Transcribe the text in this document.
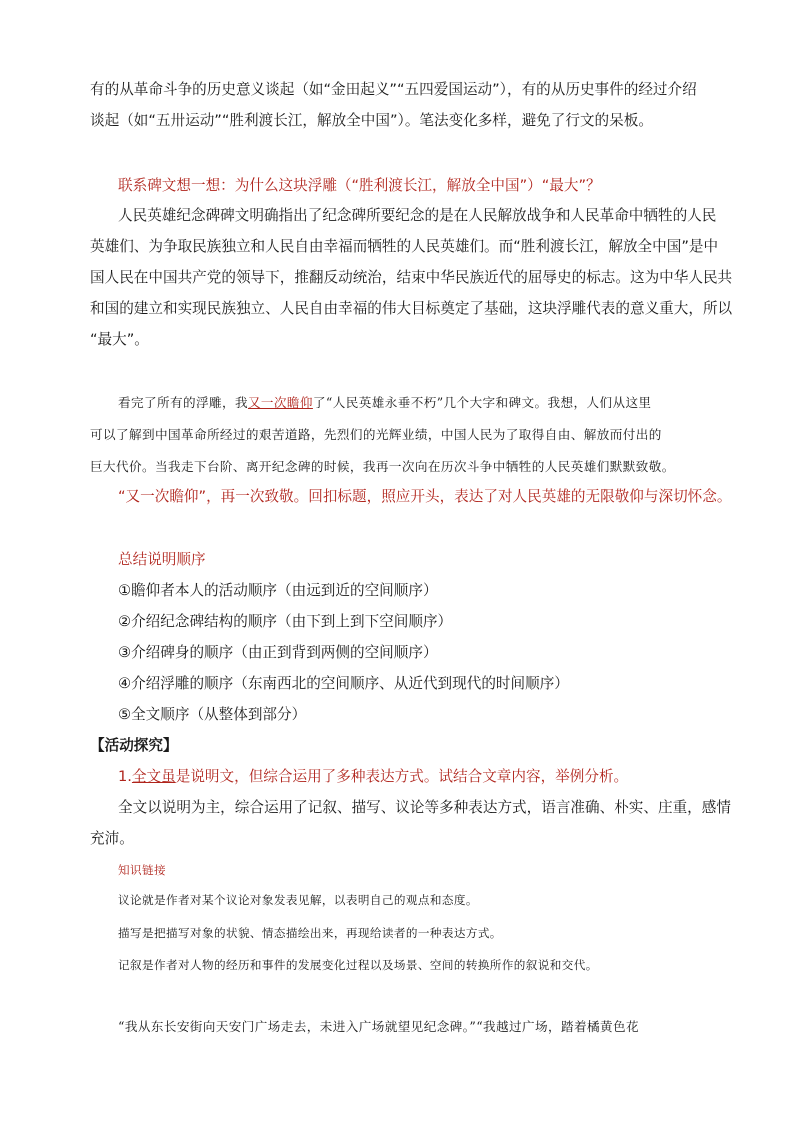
有的从革命斗争的历史意义谈起（如“金田起义”“五四爱国运动”），有的从历史事件的经过介绍
谈起（如“五卅运动”“胜利渡长江，解放全中国”）。笔法变化多样，避免了行文的呆板。
联系碑文想一想：为什么这块浮雕（“胜利渡长江，解放全中国”）“最大”？
人民英雄纪念碑碑文明确指出了纪念碑所要纪念的是在人民解放战争和人民革命中牺牲的人民
英雄们、为争取民族独立和人民自由幸福而牺牲的人民英雄们。而“胜利渡长江，解放全中国”是中
国人民在中国共产党的领导下，推翻反动统治，结束中华民族近代的屈辱史的标志。这为中华人民共
和国的建立和实现民族独立、人民自由幸福的伟大目标奠定了基础，这块浮雕代表的意义重大，所以
“最大”。
看完了所有的浮雕，我又一次瞻仰了“人民英雄永垂不朽”几个大字和碑文。我想，人们从这里
可以了解到中国革命所经过的艰苦道路，先烈们的光辉业绩，中国人民为了取得自由、解放而付出的
巨大代价。当我走下台阶、离开纪念碑的时候，我再一次向在历次斗争中牺牲的人民英雄们默默致敬。
“又一次瞻仰”，再一次致敬。回扣标题，照应开头，表达了对人民英雄的无限敬仰与深切怀念。
总结说明顺序
①瞻仰者本人的活动顺序（由远到近的空间顺序）
②介绍纪念碑结构的顺序（由下到上到下空间顺序）
③介绍碑身的顺序（由正到背到两侧的空间顺序）
④介绍浮雕的顺序（东南西北的空间顺序、从近代到现代的时间顺序）
⑤全文顺序（从整体到部分）
【活动探究】
1.全文虽是说明文，但综合运用了多种表达方式。试结合文章内容，举例分析。
全文以说明为主，综合运用了记叙、描写、议论等多种表达方式，语言准确、朴实、庄重，感情
充沛。
知识链接
议论就是作者对某个议论对象发表见解，以表明自己的观点和态度。
描写是把描写对象的状貌、情态描绘出来，再现给读者的一种表达方式。
记叙是作者对人物的经历和事件的发展变化过程以及场景、空间的转换所作的叙说和交代。
“我从东长安街向天安门广场走去，未进入广场就望见纪念碑。”“我越过广场，踏着橘黄色花
